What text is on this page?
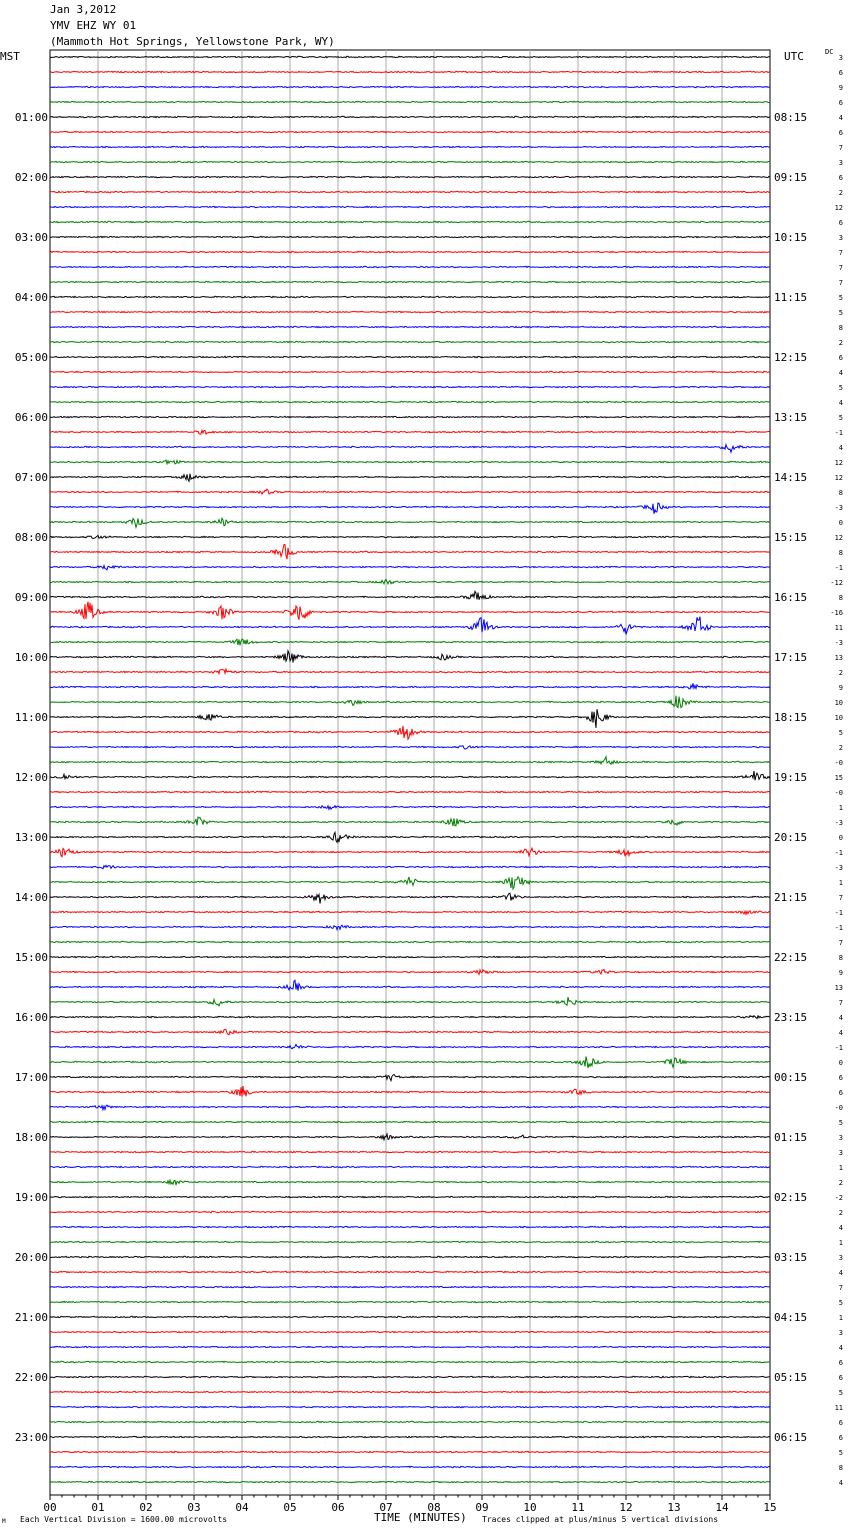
Jan 3,2012
YMV EHZ WY 01
(Mammoth Hot Springs, Yellowstone Park, WY)
MST	UTC	DC
00	01	02	03	04	05	06	07	08	09	10	11	12	13	14	15
3
6
9
6
4
6
7
3
6
2
12
6
3
7
7
7
5
5
8
2
6
4
5
4
5
-1
4
12
12
8
-3
0
12
8
-1
-12
8
-16
11
-3
13
2
9
10
10
5
2
-0
15
-0
1
-3
0
-1
-3
1
7
-1
-1
7
8
9
13
7
4
4
-1
0
6
6
-0
5
3
3
1
2
-2
2
4
1
3
4
7
5
1
3
4
6
6
5
11
6
6
5
8
4
01:00
02:00
03:00
04:00
05:00
06:00
07:00
08:00
09:00
10:00
11:00
12:00
13:00
14:00
15:00
16:00
17:00
18:00
19:00
20:00
21:00
22:00
23:00
08:15
09:15
10:15
11:15
12:15
13:15
14:15
15:15
16:15
17:15
18:15
19:15
20:15
21:15
22:15
23:15
00:15
01:15
02:15
03:15
04:15
05:15
06:15
Each Vertical Division = 1600.00 microvolts	TIME (MINUTES) Traces clipped at plus/minus 5 vertical divisions
M
